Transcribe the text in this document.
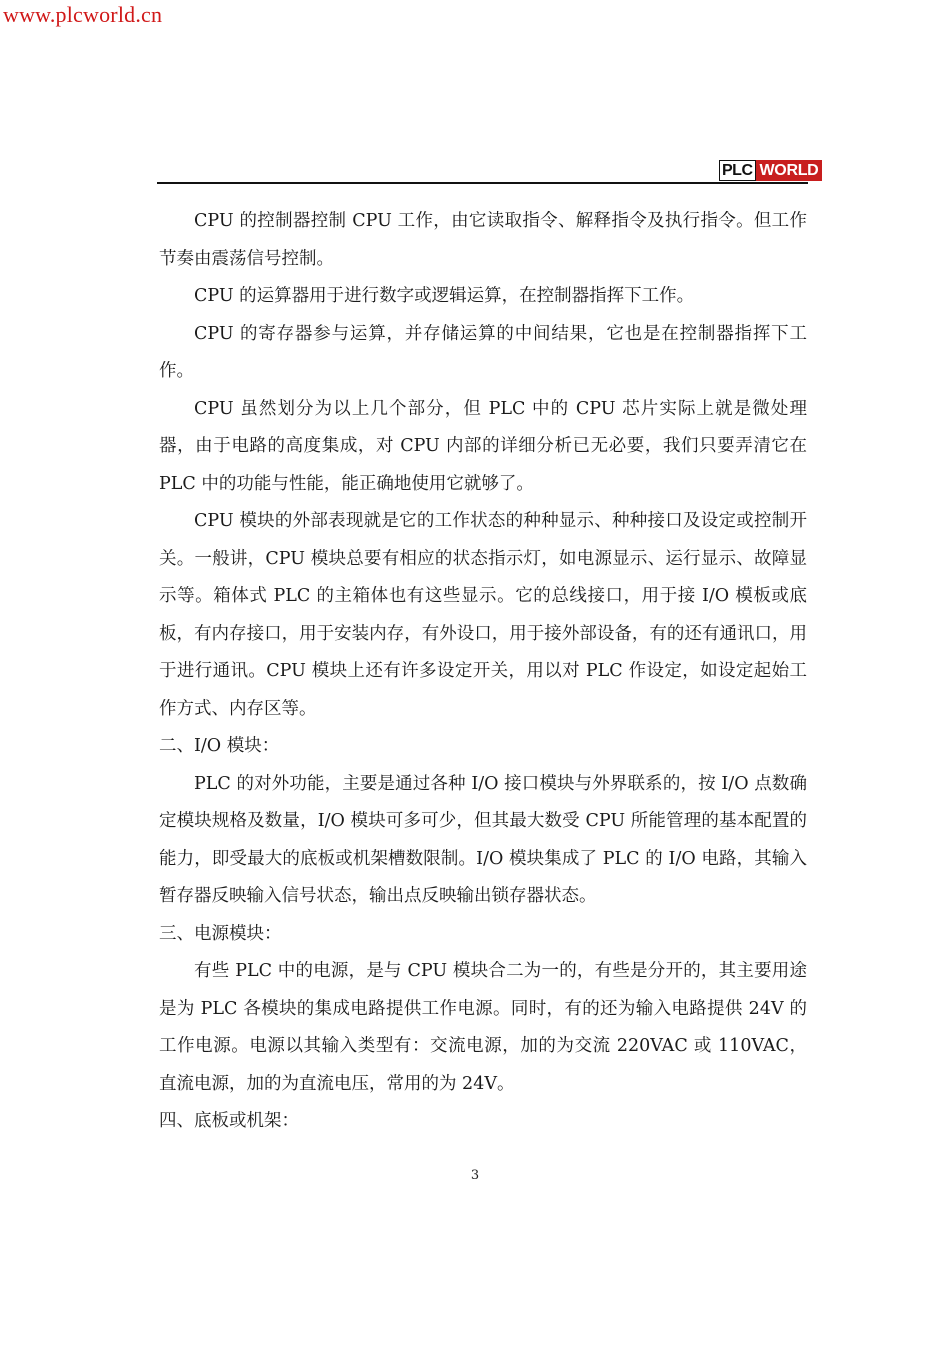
www.plcworld.cn
PLC WORLD

CPU 的控制器控制 CPU 工作，由它读取指令、解释指令及执行指令。但工作节奏由震荡信号控制。

CPU 的运算器用于进行数字或逻辑运算，在控制器指挥下工作。

CPU 的寄存器参与运算，并存储运算的中间结果，它也是在控制器指挥下工作。

CPU 虽然划分为以上几个部分，但 PLC 中的 CPU 芯片实际上就是微处理器，由于电路的高度集成，对 CPU 内部的详细分析已无必要，我们只要弄清它在 PLC 中的功能与性能，能正确地使用它就够了。

CPU 模块的外部表现就是它的工作状态的种种显示、种种接口及设定或控制开关。一般讲，CPU 模块总要有相应的状态指示灯，如电源显示、运行显示、故障显示等。箱体式 PLC 的主箱体也有这些显示。它的总线接口，用于接 I/O 模板或底板，有内存接口，用于安装内存，有外设口，用于接外部设备，有的还有通讯口，用于进行通讯。CPU 模块上还有许多设定开关，用以对 PLC 作设定，如设定起始工作方式、内存区等。

二、I/O 模块：

PLC 的对外功能，主要是通过各种 I/O 接口模块与外界联系的，按 I/O 点数确定模块规格及数量，I/O 模块可多可少，但其最大数受 CPU 所能管理的基本配置的能力，即受最大的底板或机架槽数限制。I/O 模块集成了 PLC 的 I/O 电路，其输入暂存器反映输入信号状态，输出点反映输出锁存器状态。

三、电源模块：

有些 PLC 中的电源，是与 CPU 模块合二为一的，有些是分开的，其主要用途是为 PLC 各模块的集成电路提供工作电源。同时，有的还为输入电路提供 24V 的工作电源。电源以其输入类型有：交流电源，加的为交流 220VAC 或 110VAC，直流电源，加的为直流电压，常用的为 24V。

四、底板或机架：

3
